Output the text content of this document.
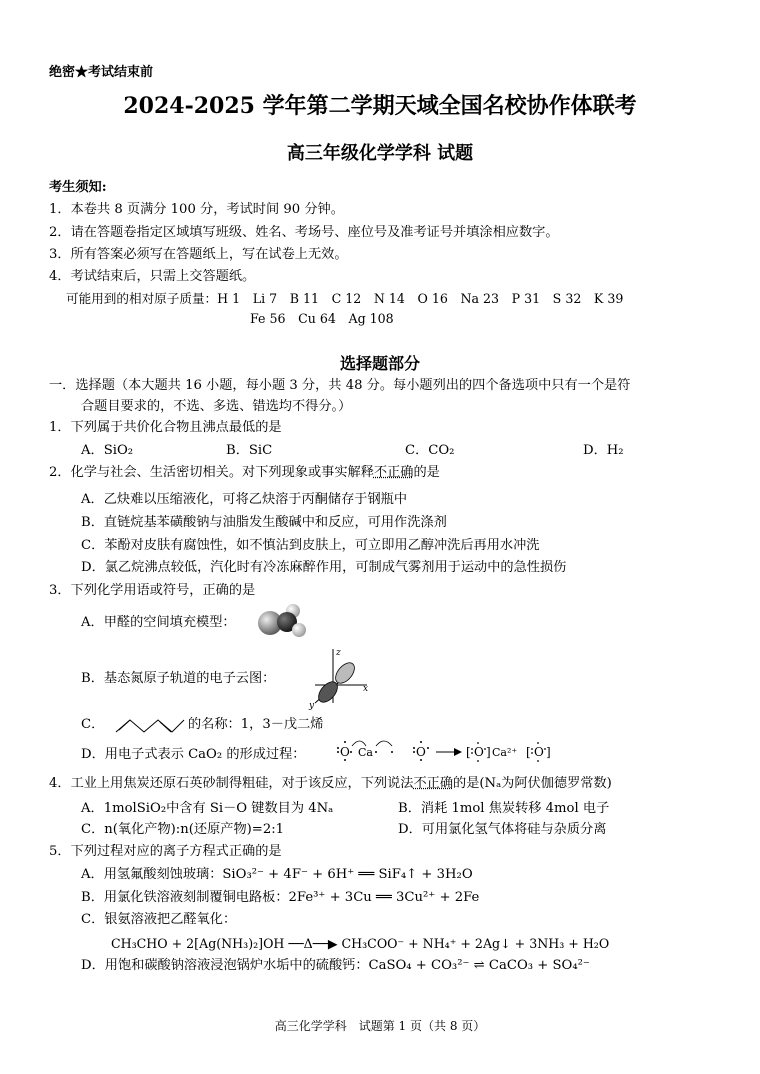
绝密★考试结束前
2024-2025 学年第二学期天域全国名校协作体联考
高三年级化学学科 试题
考生须知:
1．本卷共 8 页满分 100 分，考试时间 90 分钟。
2．请在答题卷指定区域填写班级、姓名、考场号、座位号及准考证号并填涂相应数字。
3．所有答案必须写在答题纸上，写在试卷上无效。
4．考试结束后，只需上交答题纸。
可能用到的相对原子质量：H 1　Li 7　B 11　C 12　N 14　O 16　Na 23　P 31　S 32　K 39
Fe 56　Cu 64　Ag 108
选择题部分
一．选择题（本大题共 16 小题，每小题 3 分，共 48 分。每小题列出的四个备选项中只有一个是符
合题目要求的，不选、多选、错选均不得分。）
1．下列属于共价化合物且沸点最低的是
A．SiO₂	B．SiC	C．CO₂	D．H₂
2．化学与社会、生活密切相关。对下列现象或事实解释不正确的是
A．乙炔难以压缩液化，可将乙炔溶于丙酮储存于钢瓶中
B．直链烷基苯磺酸钠与油脂发生酸碱中和反应，可用作洗涤剂
C．苯酚对皮肤有腐蚀性，如不慎沾到皮肤上，可立即用乙醇冲洗后再用水冲洗
D．氯乙烷沸点较低，汽化时有冷冻麻醉作用，可制成气雾剂用于运动中的急性损伤
3．下列化学用语或符号，正确的是
A．甲醛的空间填充模型：
B．基态氮原子轨道的电子云图：
z
x
y
C．	的名称：1，3－戊二烯
D．用电子式表示 CaO₂ 的形成过程：	O Ca	O	[ O ] Ca²⁺ [ O ]
4．工业上用焦炭还原石英砂制得粗硅，对于该反应，下列说法不正确的是(Nₐ为阿伏伽德罗常数)
A．1molSiO₂中含有 Si－O 键数目为 4Nₐ	B．消耗 1mol 焦炭转移 4mol 电子
C．n(氧化产物):n(还原产物)=2:1	D．可用氯化氢气体将硅与杂质分离
5．下列过程对应的离子方程式正确的是
A．用氢氟酸刻蚀玻璃：SiO₃²⁻ + 4F⁻ + 6H⁺ ══ SiF₄↑ + 3H₂O
B．用氯化铁溶液刻制覆铜电路板：2Fe³⁺ + 3Cu ══ 3Cu²⁺ + 2Fe
C．银氨溶液把乙醛氧化：
CH₃CHO + 2[Ag(NH₃)₂]OH ──Δ──▶ CH₃COO⁻ + NH₄⁺ + 2Ag↓ + 3NH₃ + H₂O
D．用饱和碳酸钠溶液浸泡锅炉水垢中的硫酸钙：CaSO₄ + CO₃²⁻ ⇌ CaCO₃ + SO₄²⁻
高三化学学科　试题第 1 页（共 8 页）
